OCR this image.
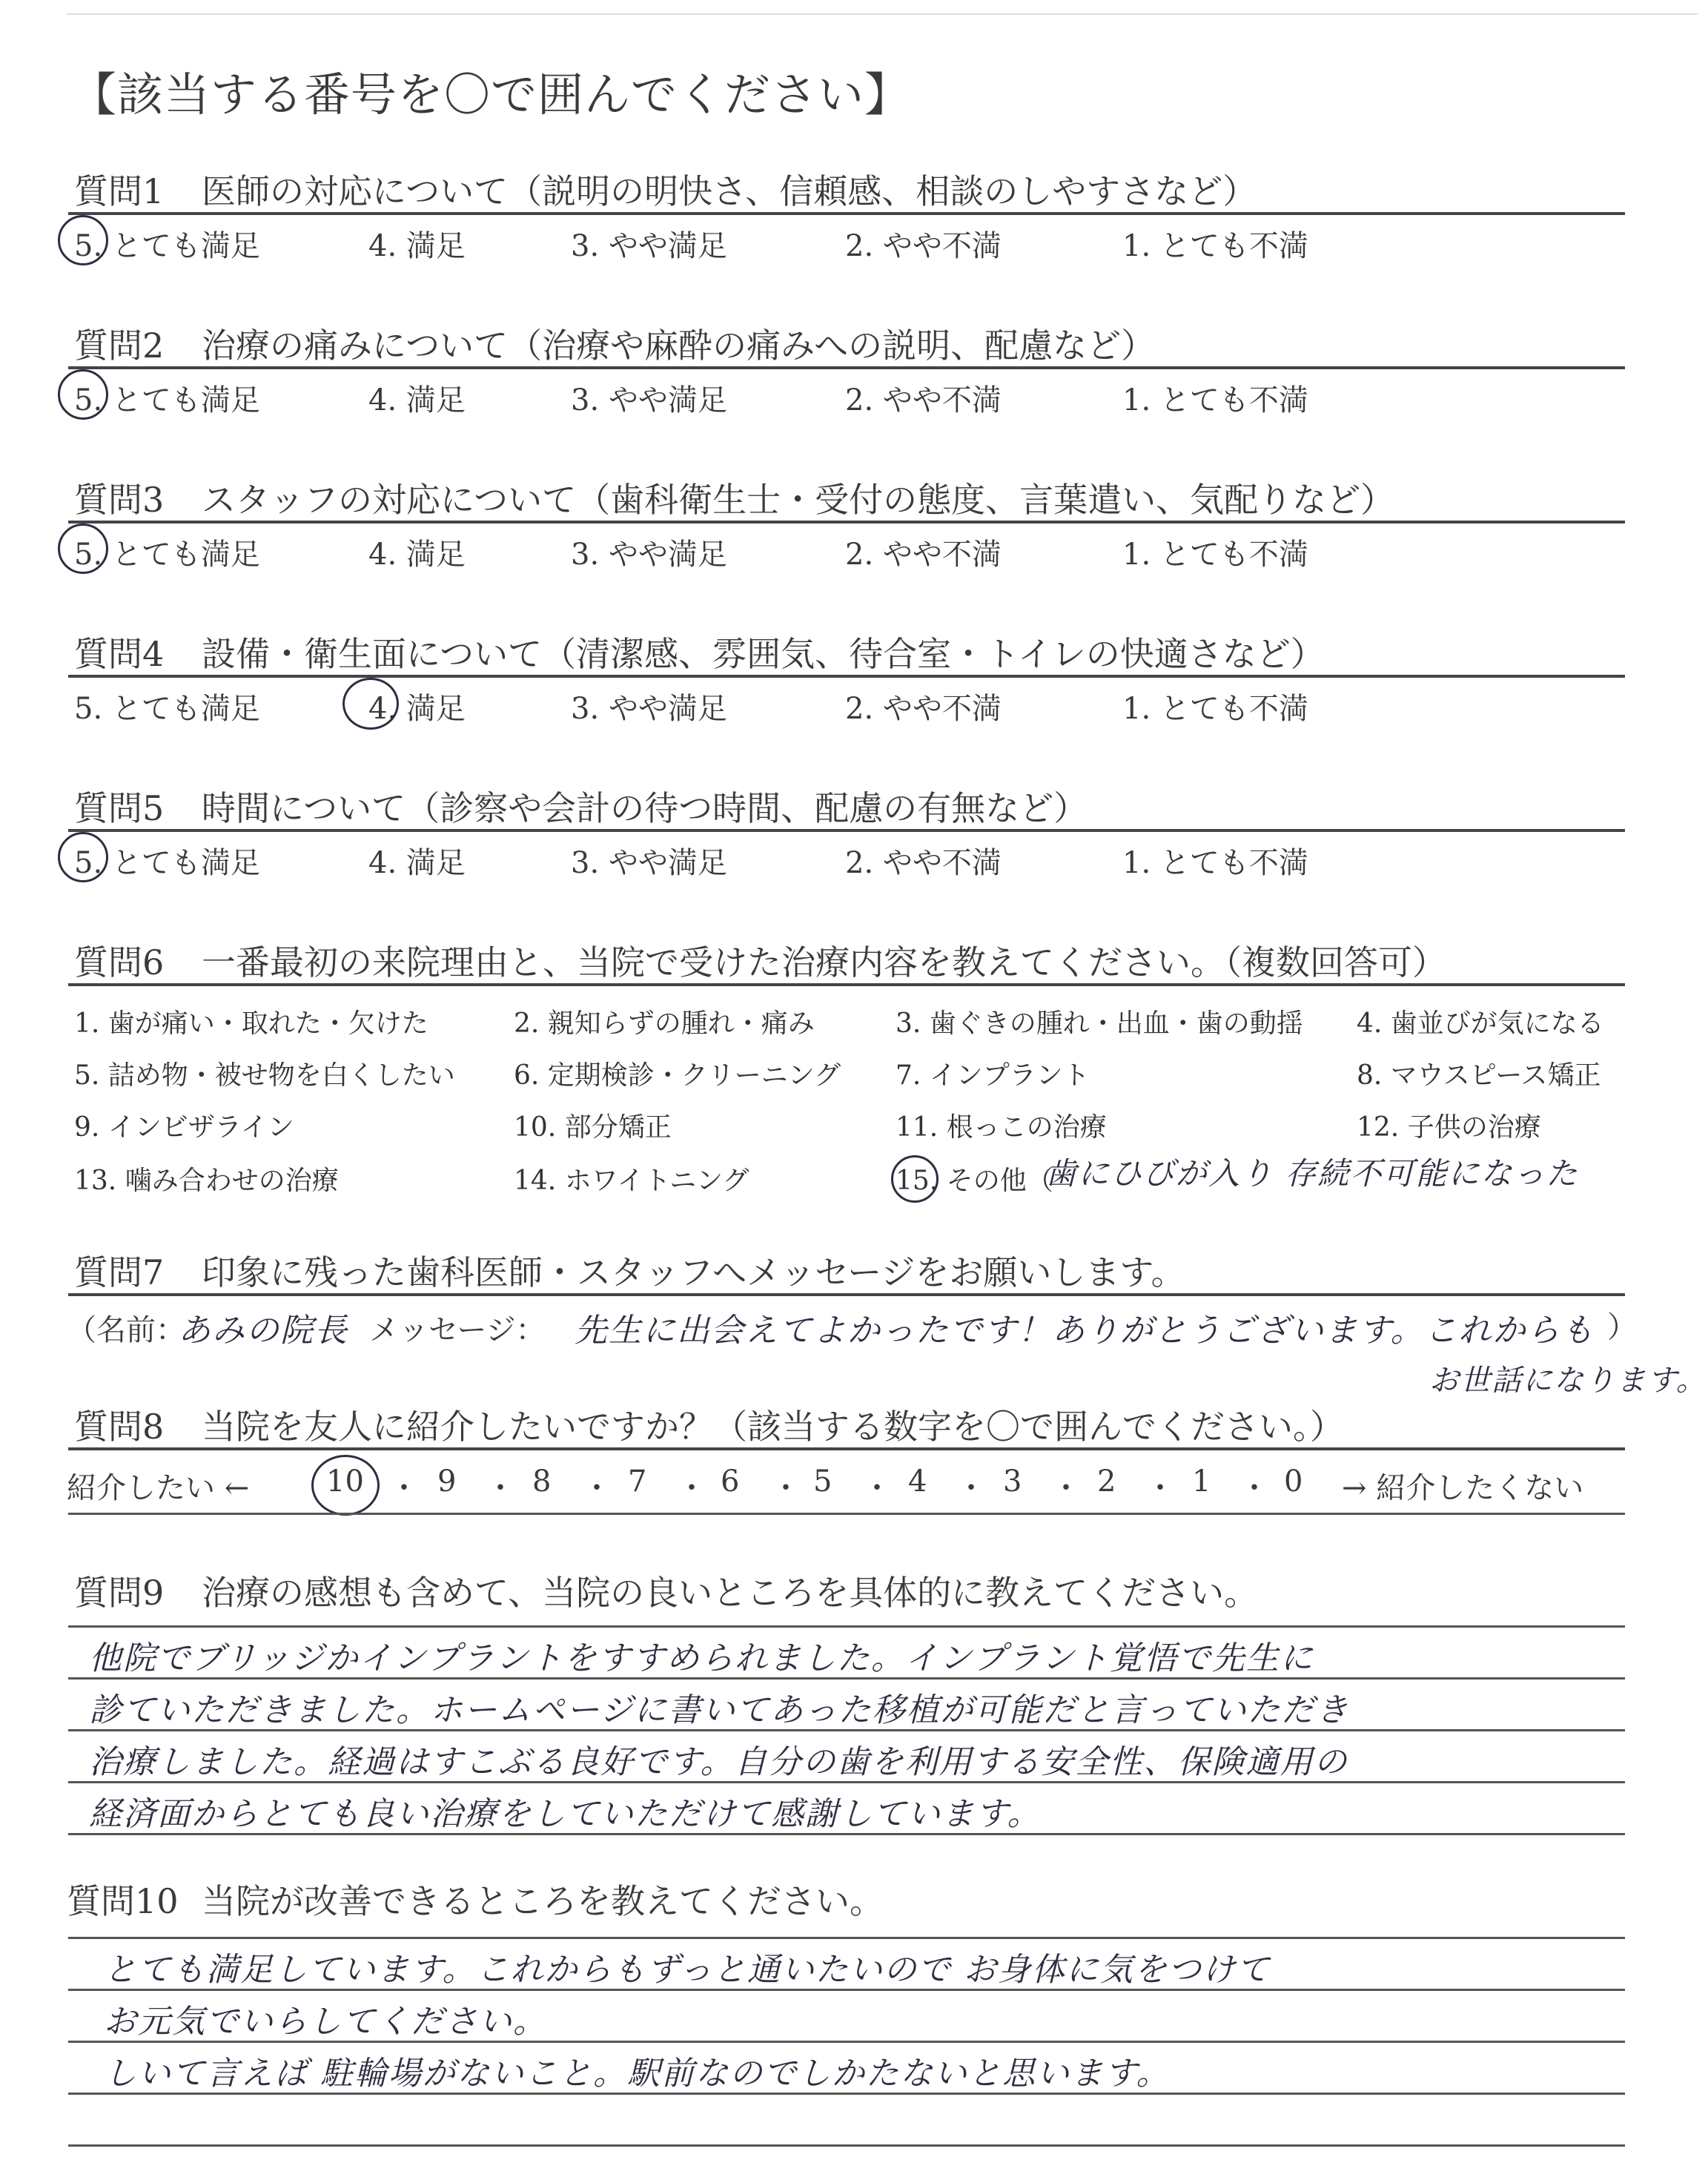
【該当する番号を〇で囲んでください】
質問1 医師の対応について（説明の明快さ、信頼感、相談のしやすさなど）
5. とても満足	4. 満足	3. やや満足	2. やや不満	1. とても不満
質問2 治療の痛みについて（治療や麻酔の痛みへの説明、配慮など）
5. とても満足	4. 満足	3. やや満足	2. やや不満	1. とても不満
質問3 スタッフの対応について（歯科衛生士・受付の態度、言葉遣い、気配りなど）
5. とても満足	4. 満足	3. やや満足	2. やや不満	1. とても不満
質問4 設備・衛生面について（清潔感、雰囲気、待合室・トイレの快適さなど）
5. とても満足	4. 満足	3. やや満足	2. やや不満	1. とても不満
質問5 時間について（診察や会計の待つ時間、配慮の有無など）
5. とても満足	4. 満足	3. やや満足	2. やや不満	1. とても不満
質問6 一番最初の来院理由と、当院で受けた治療内容を教えてください。（複数回答可）
1. 歯が痛い・取れた・欠けた	2. 親知らずの腫れ・痛み	3. 歯ぐきの腫れ・出血・歯の動揺 4. 歯並びが気になる
5. 詰め物・被せ物を白くしたい 6. 定期検診・クリーニング 7. インプラント	8. マウスピース矯正
9. インビザライン	10. 部分矯正	11. 根っこの治療	12. 子供の治療
13. 噛み合わせの治療	14. ホワイトニング	15. その他（
歯にひびが入り 存続不可能になった
質問7 印象に残った歯科医師・スタッフへメッセージをお願いします。
（名前：
あみの院長 メッセージ： 先生に出会えてよかったです！ありがとうございます。これからも ）
お世話になります。
質問8 当院を友人に紹介したいですか？（該当する数字を〇で囲んでください。）
紹介したい ←	10 ・ 9 ・ 8 ・ 7 ・ 6 ・ 5 ・ 4 ・ 3 ・ 2 ・ 1 ・ 0 → 紹介したくない
質問9 治療の感想も含めて、当院の良いところを具体的に教えてください。
他院でブリッジかインプラントをすすめられました。インプラント覚悟で先生に
診ていただきました。ホームページに書いてあった移植が可能だと言っていただき
治療しました。経過はすこぶる良好です。自分の歯を利用する安全性、保険適用の
経済面からとても良い治療をしていただけて感謝しています。
質問10 当院が改善できるところを教えてください。
とても満足しています。これからもずっと通いたいので お身体に気をつけて
お元気でいらしてください。
しいて言えば 駐輪場がないこと。駅前なのでしかたないと思います。
